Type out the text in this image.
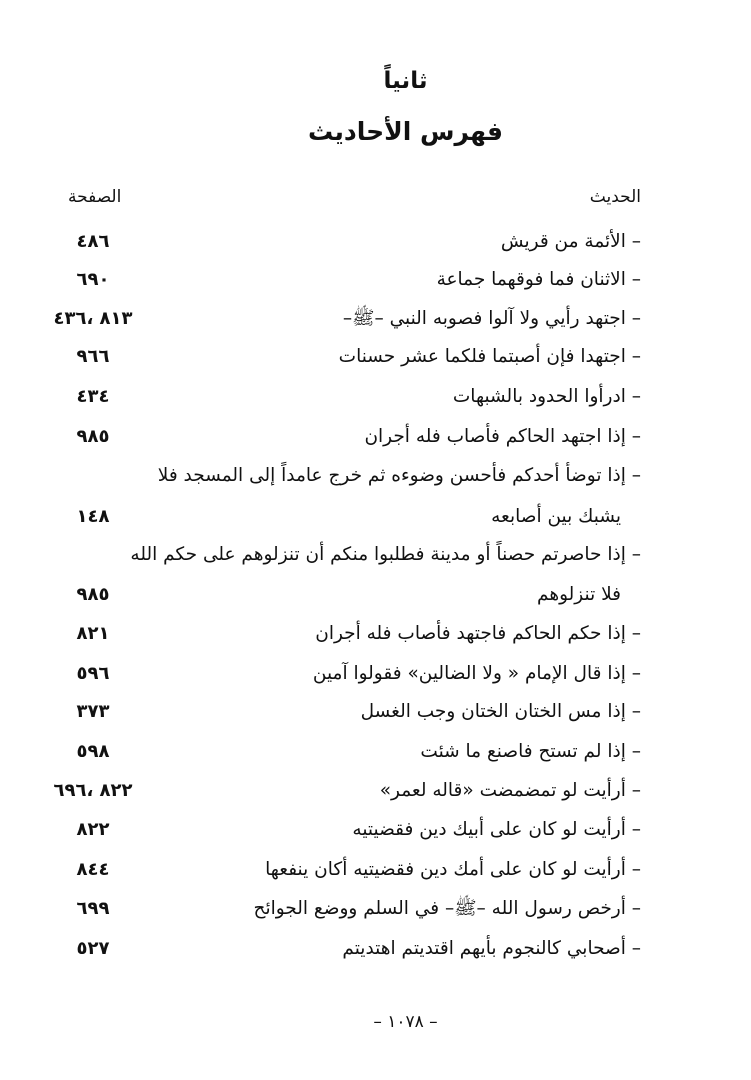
ثانياً
فهرس الأحاديث
الحديث
الصفحة
– الأئمة من قريش
٤٨٦
– الاثنان فما فوقهما جماعة
٦٩٠
– اجتهد رأيي ولا آلوا فصوبه النبي –ﷺ–
٨١٣ ،٤٣٦
– اجتهدا فإن أصبتما فلكما عشر حسنات
٩٦٦
– ادرأوا الحدود بالشبهات
٤٣٤
– إذا اجتهد الحاكم فأصاب فله أجران
٩٨٥
– إذا توضأ أحدكم فأحسن وضوءه ثم خرج عامداً إلى المسجد فلا
يشبك بين أصابعه
١٤٨
– إذا حاصرتم حصناً أو مدينة فطلبوا منكم أن تنزلوهم على حكم الله
فلا تنزلوهم
٩٨٥
– إذا حكم الحاكم فاجتهد فأصاب فله أجران
٨٢١
– إذا قال الإمام « ولا الضالين» فقولوا آمين
٥٩٦
– إذا مس الختان الختان وجب الغسل
٣٧٣
– إذا لم تستح فاصنع ما شئت
٥٩٨
– أرأيت لو تمضمضت «قاله لعمر»
٨٢٢ ،٦٩٦
– أرأيت لو كان على أبيك دين فقضيتيه
٨٢٢
– أرأيت لو كان على أمك دين فقضيتيه أكان ينفعها
٨٤٤
– أرخص رسول الله –ﷺ– في السلم ووضع الجوائح
٦٩٩
– أصحابي كالنجوم بأيهم اقتديتم اهتديتم
٥٢٧
– ١٠٧٨ –
